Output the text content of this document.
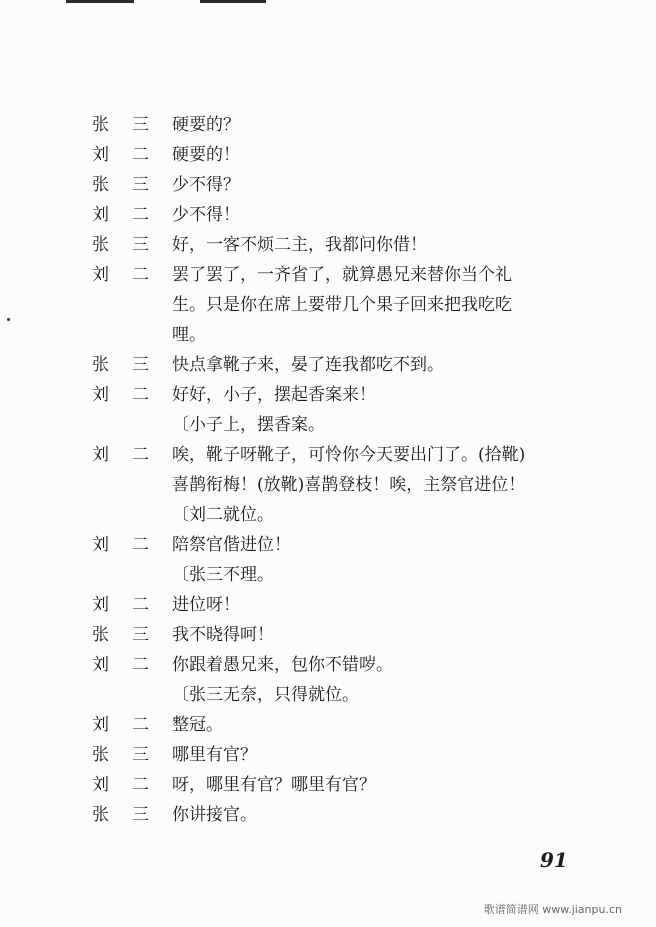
张	三	硬要的？
刘	二	硬要的！
张	三	少不得？
刘	二	少不得！
张	三	好，一客不烦二主，我都问你借！
刘	二	罢了罢了，一齐省了，就算愚兄来替你当个礼
生。只是你在席上要带几个果子回来把我吃吃
哩。
张	三	快点拿靴子来，晏了连我都吃不到。
刘	二	好好，小子，摆起香案来！
〔小子上，摆香案。
刘	二	唉，靴子呀靴子，可怜你今天要出门了。(拾靴)
喜鹊衔梅！(放靴)喜鹊登枝！唉，主祭官进位！
〔刘二就位。
刘	二	陪祭官偕进位！
〔张三不理。
刘	二	进位呀！
张	三	我不晓得呵！
刘	二	你跟着愚兄来，包你不错哕。
〔张三无奈，只得就位。
刘	二	整冠。
张	三	哪里有官？
刘	二	呀，哪里有官？哪里有官？
张	三	你讲接官。
91
歌谱简谱网 www.jianpu.cn
